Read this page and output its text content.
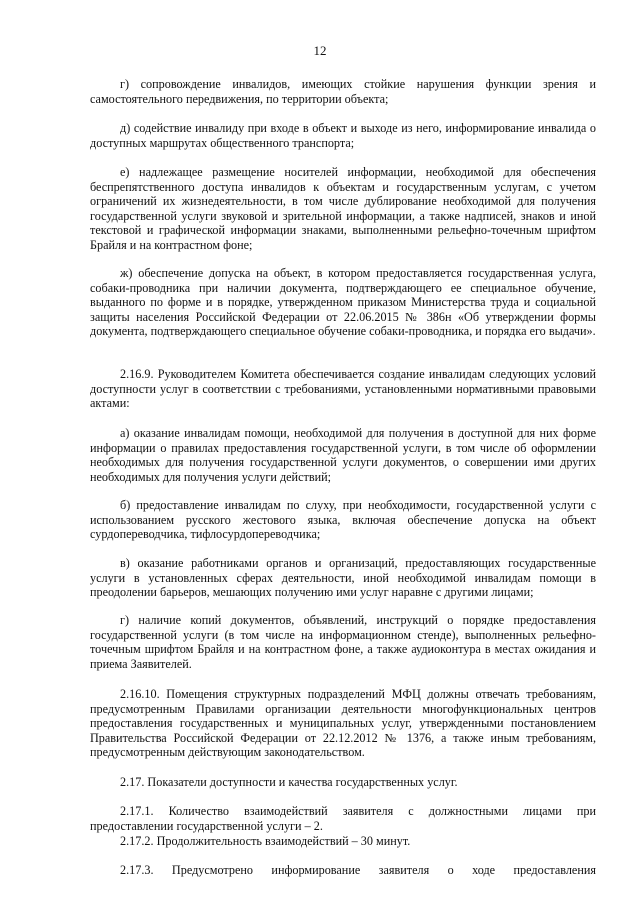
12

г) сопровождение инвалидов, имеющих стойкие нарушения функции зрения и самостоятельного передвижения, по территории объекта;

д) содействие инвалиду при входе в объект и выходе из него, информирование инвалида о доступных маршрутах общественного транспорта;

е) надлежащее размещение носителей информации, необходимой для обеспечения беспрепятственного доступа инвалидов к объектам и государственным услугам, с учетом ограничений их жизнедеятельности, в том числе дублирование необходимой для получения государственной услуги звуковой и зрительной информации, а также надписей, знаков и иной текстовой и графической информации знаками, выполненными рельефно-точечным шрифтом Брайля и на контрастном фоне;

ж) обеспечение допуска на объект, в котором предоставляется государственная услуга, собаки-проводника при наличии документа, подтверждающего ее специальное обучение, выданного по форме и в порядке, утвержденном приказом Министерства труда и социальной защиты населения Российской Федерации от 22.06.2015 № 386н «Об утверждении формы документа, подтверждающего специальное обучение собаки-проводника, и порядка его выдачи».

2.16.9. Руководителем Комитета обеспечивается создание инвалидам следующих условий доступности услуг в соответствии с требованиями, установленными нормативными правовыми актами:

а) оказание инвалидам помощи, необходимой для получения в доступной для них форме информации о правилах предоставления государственной услуги, в том числе об оформлении необходимых для получения государственной услуги документов, о совершении ими других необходимых для получения услуги действий;

б) предоставление инвалидам по слуху, при необходимости, государственной услуги с использованием русского жестового языка, включая обеспечение допуска на объект сурдопереводчика, тифлосурдопереводчика;

в) оказание работниками органов и организаций, предоставляющих государственные услуги в установленных сферах деятельности, иной необходимой инвалидам помощи в преодолении барьеров, мешающих получению ими услуг наравне с другими лицами;

г) наличие копий документов, объявлений, инструкций о порядке предоставления государственной услуги (в том числе на информационном стенде), выполненных рельефно-точечным шрифтом Брайля и на контрастном фоне, а также аудиоконтура в местах ожидания и приема Заявителей.

2.16.10. Помещения структурных подразделений МФЦ должны отвечать требованиям, предусмотренным Правилами организации деятельности многофункциональных центров предоставления государственных и муниципальных услуг, утвержденными постановлением Правительства Российской Федерации от 22.12.2012 № 1376, а также иным требованиям, предусмотренным действующим законодательством.

2.17. Показатели доступности и качества государственных услуг.

2.17.1. Количество взаимодействий заявителя с должностными лицами при предоставлении государственной услуги – 2.

2.17.2. Продолжительность взаимодействий – 30 минут.

2.17.3. Предусмотрено информирование заявителя о ходе предоставления
